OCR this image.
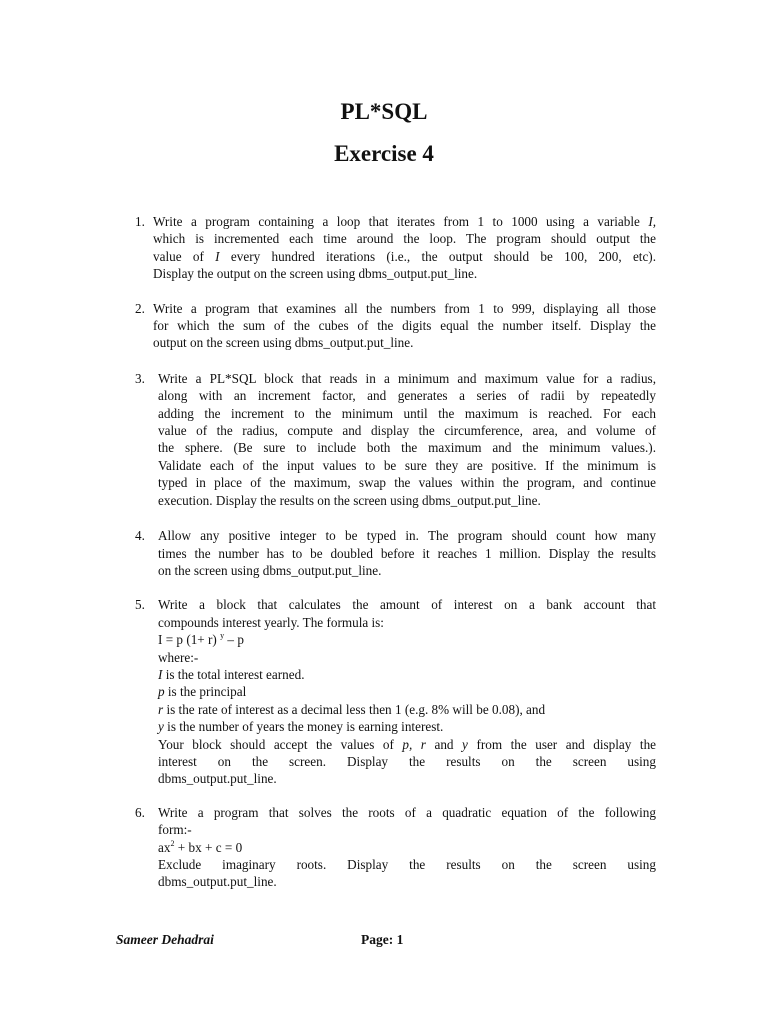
PL*SQL
Exercise 4
1. Write a program containing a loop that iterates from 1 to 1000 using a variable I,

which is incremented each time around the loop. The program should output the

value of I every hundred iterations (i.e., the output should be 100, 200, etc).

Display the output on the screen using dbms_output.put_line.

2. Write a program that examines all the numbers from 1 to 999, displaying all those

for which the sum of the cubes of the digits equal the number itself. Display the

output on the screen using dbms_output.put_line.

3. Write a PL*SQL block that reads in a minimum and maximum value for a radius,

along with an increment factor, and generates a series of radii by repeatedly

adding the increment to the minimum until the maximum is reached. For each

value of the radius, compute and display the circumference, area, and volume of

the sphere. (Be sure to include both the maximum and the minimum values.).

Validate each of the input values to be sure they are positive. If the minimum is

typed in place of the maximum, swap the values within the program, and continue

execution. Display the results on the screen using dbms_output.put_line.

4. Allow any positive integer to be typed in. The program should count how many

times the number has to be doubled before it reaches 1 million. Display the results

on the screen using dbms_output.put_line.

5. Write a block that calculates the amount of interest on a bank account that

compounds interest yearly. The formula is:

I = p (1+ r) $^y$ – p

where:-

I is the total interest earned.

p is the principal

r is the rate of interest as a decimal less then 1 (e.g. 8% will be 0.08), and

y is the number of years the money is earning interest.

Your block should accept the values of p, r and y from the user and display the

interest on the screen. Display the results on the screen using

dbms_output.put_line.

6. Write a program that solves the roots of a quadratic equation of the following

form:-

$ax^2$ + bx + c = 0

Exclude imaginary roots. Display the results on the screen using

dbms_output.put_line.

Sameer Dehadrai	Page: 1
